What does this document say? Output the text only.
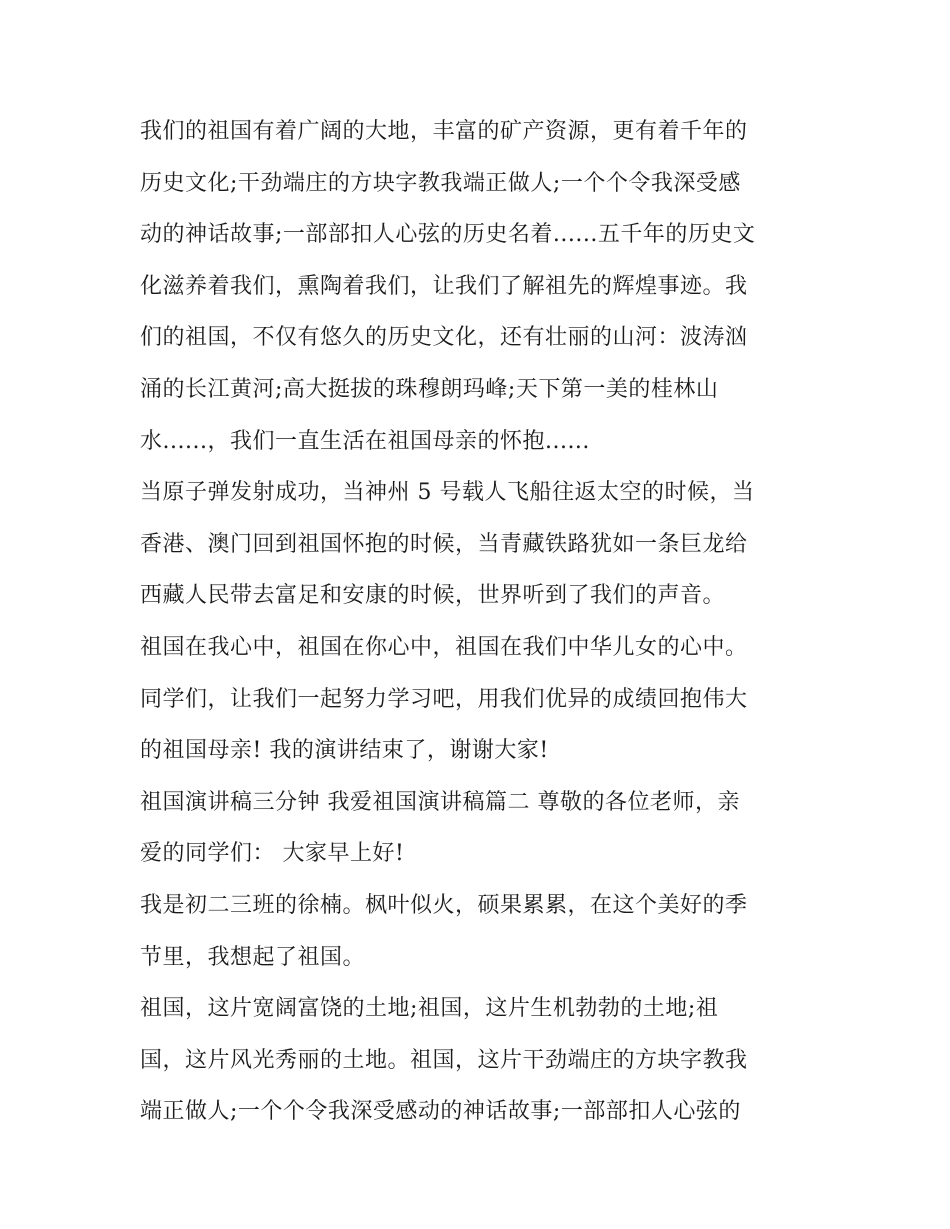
我们的祖国有着广阔的大地，丰富的矿产资源，更有着千年的
历史文化;干劲端庄的方块字教我端正做人;一个个令我深受感
动的神话故事;一部部扣人心弦的历史名着......五千年的历史文
化滋养着我们，熏陶着我们，让我们了解祖先的辉煌事迹。我
们的祖国，不仅有悠久的历史文化，还有壮丽的山河：波涛汹
涌的长江黄河;高大挺拔的珠穆朗玛峰;天下第一美的桂林山
水......，我们一直生活在祖国母亲的怀抱......
当原子弹发射成功，当神州 5 号载人飞船往返太空的时候，当
香港、澳门回到祖国怀抱的时候，当青藏铁路犹如一条巨龙给
西藏人民带去富足和安康的时候，世界听到了我们的声音。
祖国在我心中，祖国在你心中，祖国在我们中华儿女的心中。
同学们，让我们一起努力学习吧，用我们优异的成绩回抱伟大
的祖国母亲! 我的演讲结束了，谢谢大家!
祖国演讲稿三分钟 我爱祖国演讲稿篇二 尊敬的各位老师，亲
爱的同学们： 大家早上好!
我是初二三班的徐楠。枫叶似火，硕果累累，在这个美好的季
节里，我想起了祖国。
祖国，这片宽阔富饶的土地;祖国，这片生机勃勃的土地;祖
国，这片风光秀丽的土地。祖国，这片干劲端庄的方块字教我
端正做人;一个个令我深受感动的神话故事;一部部扣人心弦的
